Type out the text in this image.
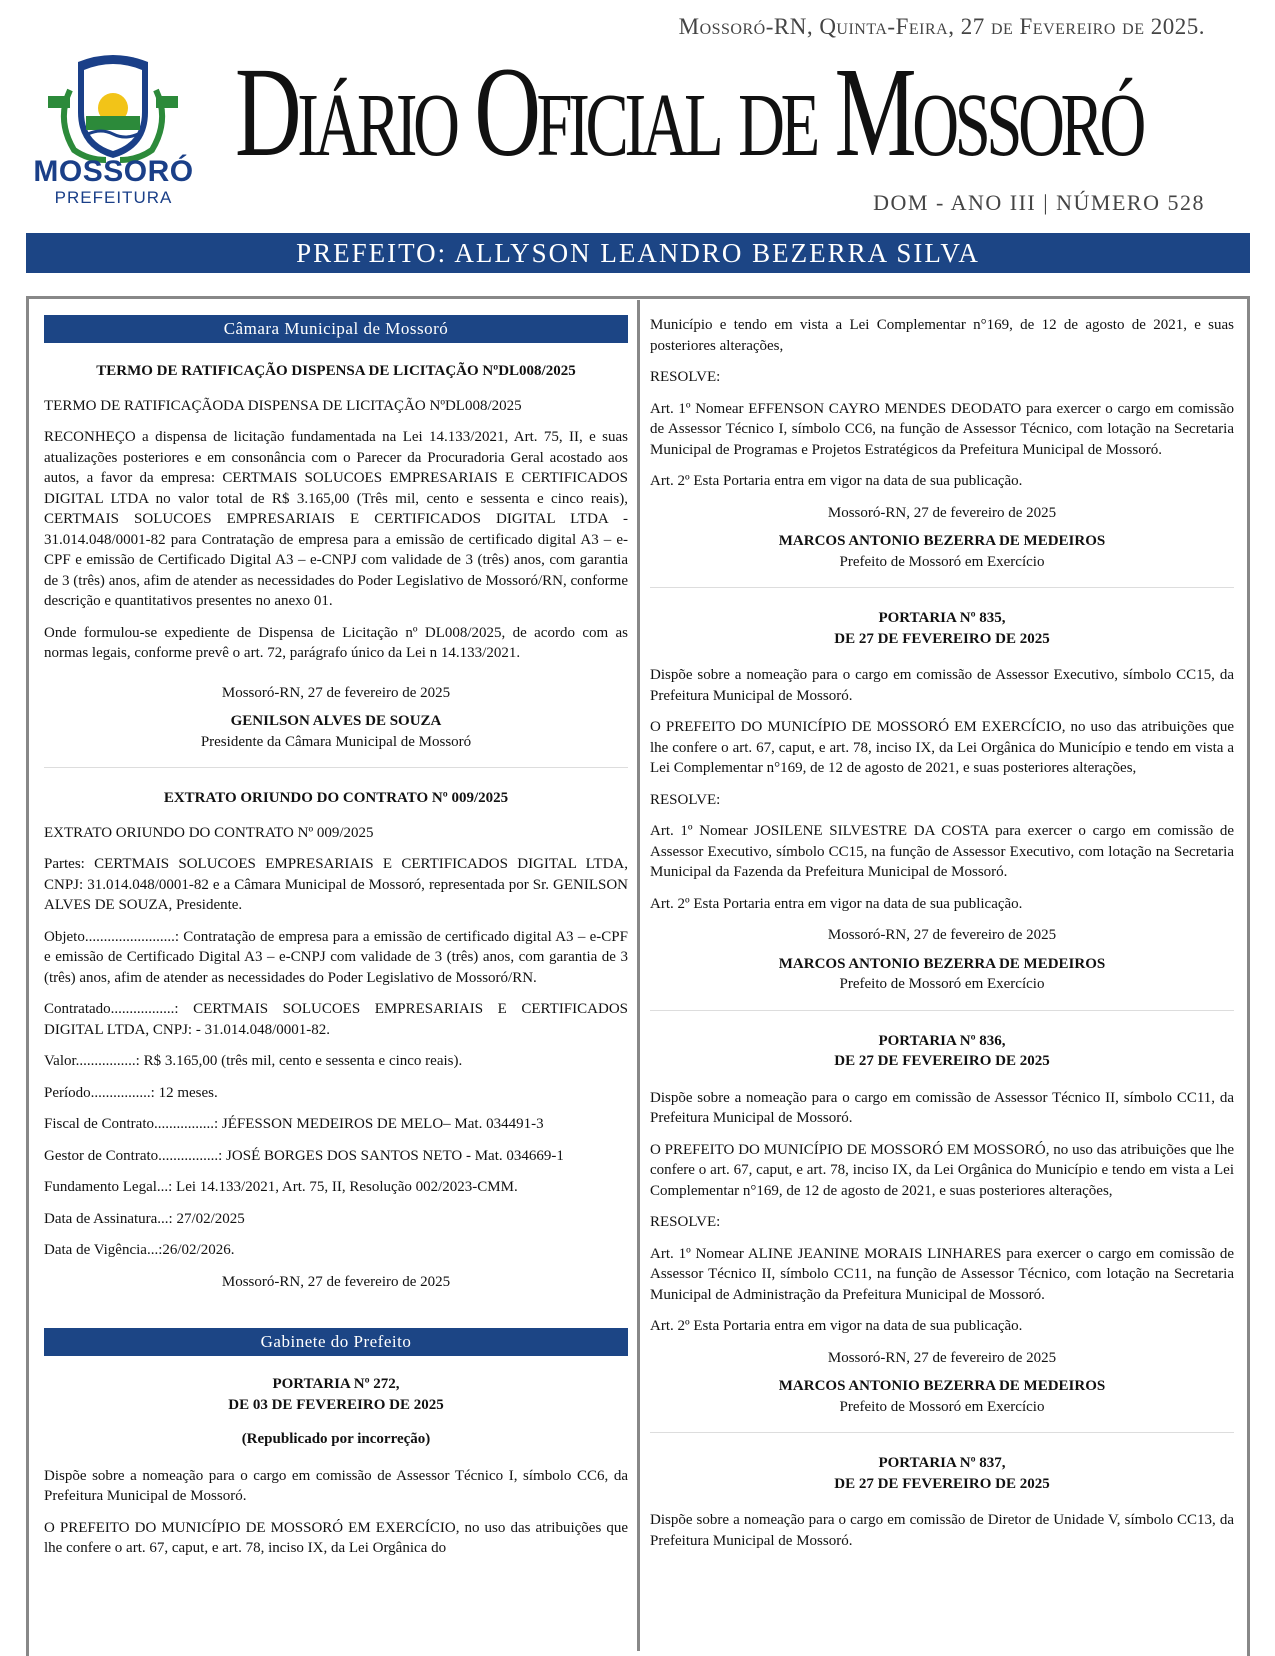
Mossoró-RN, Quinta-Feira, 27 de Fevereiro de 2025.
Diário Oficial de Mossoró
DOM - ANO III | NÚMERO 528
MOSSORÓ
PREFEITURA
PREFEITO: ALLYSON LEANDRO BEZERRA SILVA
Câmara Municipal de Mossoró

TERMO DE RATIFICAÇÃO DISPENSA DE LICITAÇÃO NºDL008/2025

TERMO DE RATIFICAÇÃODA DISPENSA DE LICITAÇÃO NºDL008/2025

RECONHEÇO a dispensa de licitação fundamentada na Lei 14.133/2021, Art. 75, II, e suas atualizações posteriores e em consonância com o Parecer da Procuradoria Geral acostado aos autos, a favor da empresa: CERTMAIS SOLUCOES EMPRESARIAIS E CERTIFICADOS DIGITAL LTDA no valor total de R$ 3.165,00 (Três mil, cento e sessenta e cinco reais), CERTMAIS SOLUCOES EMPRESARIAIS E CERTIFICADOS DIGITAL LTDA - 31.014.048/0001-82 para Contratação de empresa para a emissão de certificado digital A3 – e-CPF e emissão de Certificado Digital A3 – e-CNPJ com validade de 3 (três) anos, com garantia de 3 (três) anos, afim de atender as necessidades do Poder Legislativo de Mossoró/RN, conforme descrição e quantitativos presentes no anexo 01.

Onde formulou-se expediente de Dispensa de Licitação nº DL008/2025, de acordo com as normas legais, conforme prevê o art. 72, parágrafo único da Lei n 14.133/2021.

Mossoró-RN, 27 de fevereiro de 2025

GENILSON ALVES DE SOUZA

Presidente da Câmara Municipal de Mossoró

EXTRATO ORIUNDO DO CONTRATO Nº 009/2025

EXTRATO ORIUNDO DO CONTRATO Nº 009/2025

Partes: CERTMAIS SOLUCOES EMPRESARIAIS E CERTIFICADOS DIGITAL LTDA, CNPJ: 31.014.048/0001-82 e a Câmara Municipal de Mossoró, representada por Sr. GENILSON ALVES DE SOUZA, Presidente.

Objeto........................: Contratação de empresa para a emissão de certificado digital A3 – e-CPF e emissão de Certificado Digital A3 – e-CNPJ com validade de 3 (três) anos, com garantia de 3 (três) anos, afim de atender as necessidades do Poder Legislativo de Mossoró/RN.

Contratado.................: CERTMAIS SOLUCOES EMPRESARIAIS E CERTIFICADOS DIGITAL LTDA, CNPJ: - 31.014.048/0001-82.

Valor................: R$ 3.165,00 (três mil, cento e sessenta e cinco reais).

Período................: 12 meses.

Fiscal de Contrato................: JÉFESSON MEDEIROS DE MELO– Mat. 034491-3

Gestor de Contrato................: JOSÉ BORGES DOS SANTOS NETO - Mat. 034669-1

Fundamento Legal...: Lei 14.133/2021, Art. 75, II, Resolução 002/2023-CMM.

Data de Assinatura...: 27/02/2025

Data de Vigência...:26/02/2026.

Mossoró-RN, 27 de fevereiro de 2025

Gabinete do Prefeito

PORTARIA Nº 272,

DE 03 DE FEVEREIRO DE 2025

(Republicado por incorreção)

Dispõe sobre a nomeação para o cargo em comissão de Assessor Técnico I, símbolo CC6, da Prefeitura Municipal de Mossoró.

O PREFEITO DO MUNICÍPIO DE MOSSORÓ EM EXERCÍCIO, no uso das atribuições que lhe confere o art. 67, caput, e art. 78, inciso IX, da Lei Orgânica do

Município e tendo em vista a Lei Complementar n°169, de 12 de agosto de 2021, e suas posteriores alterações,

RESOLVE:

Art. 1º Nomear EFFENSON CAYRO MENDES DEODATO para exercer o cargo em comissão de Assessor Técnico I, símbolo CC6, na função de Assessor Técnico, com lotação na Secretaria Municipal de Programas e Projetos Estratégicos da Prefeitura Municipal de Mossoró.

Art. 2º Esta Portaria entra em vigor na data de sua publicação.

Mossoró-RN, 27 de fevereiro de 2025

MARCOS ANTONIO BEZERRA DE MEDEIROS

Prefeito de Mossoró em Exercício

PORTARIA Nº 835,

DE 27 DE FEVEREIRO DE 2025

Dispõe sobre a nomeação para o cargo em comissão de Assessor Executivo, símbolo CC15, da Prefeitura Municipal de Mossoró.

O PREFEITO DO MUNICÍPIO DE MOSSORÓ EM EXERCÍCIO, no uso das atribuições que lhe confere o art. 67, caput, e art. 78, inciso IX, da Lei Orgânica do Município e tendo em vista a Lei Complementar n°169, de 12 de agosto de 2021, e suas posteriores alterações,

RESOLVE:

Art. 1º Nomear JOSILENE SILVESTRE DA COSTA para exercer o cargo em comissão de Assessor Executivo, símbolo CC15, na função de Assessor Executivo, com lotação na Secretaria Municipal da Fazenda da Prefeitura Municipal de Mossoró.

Art. 2º Esta Portaria entra em vigor na data de sua publicação.

Mossoró-RN, 27 de fevereiro de 2025

MARCOS ANTONIO BEZERRA DE MEDEIROS

Prefeito de Mossoró em Exercício

PORTARIA Nº 836,

DE 27 DE FEVEREIRO DE 2025

Dispõe sobre a nomeação para o cargo em comissão de Assessor Técnico II, símbolo CC11, da Prefeitura Municipal de Mossoró.

O PREFEITO DO MUNICÍPIO DE MOSSORÓ EM MOSSORÓ, no uso das atribuições que lhe confere o art. 67, caput, e art. 78, inciso IX, da Lei Orgânica do Município e tendo em vista a Lei Complementar n°169, de 12 de agosto de 2021, e suas posteriores alterações,

RESOLVE:

Art. 1º Nomear ALINE JEANINE MORAIS LINHARES para exercer o cargo em comissão de Assessor Técnico II, símbolo CC11, na função de Assessor Técnico, com lotação na Secretaria Municipal de Administração da Prefeitura Municipal de Mossoró.

Art. 2º Esta Portaria entra em vigor na data de sua publicação.

Mossoró-RN, 27 de fevereiro de 2025

MARCOS ANTONIO BEZERRA DE MEDEIROS

Prefeito de Mossoró em Exercício

PORTARIA Nº 837,

DE 27 DE FEVEREIRO DE 2025

Dispõe sobre a nomeação para o cargo em comissão de Diretor de Unidade V, símbolo CC13, da Prefeitura Municipal de Mossoró.
